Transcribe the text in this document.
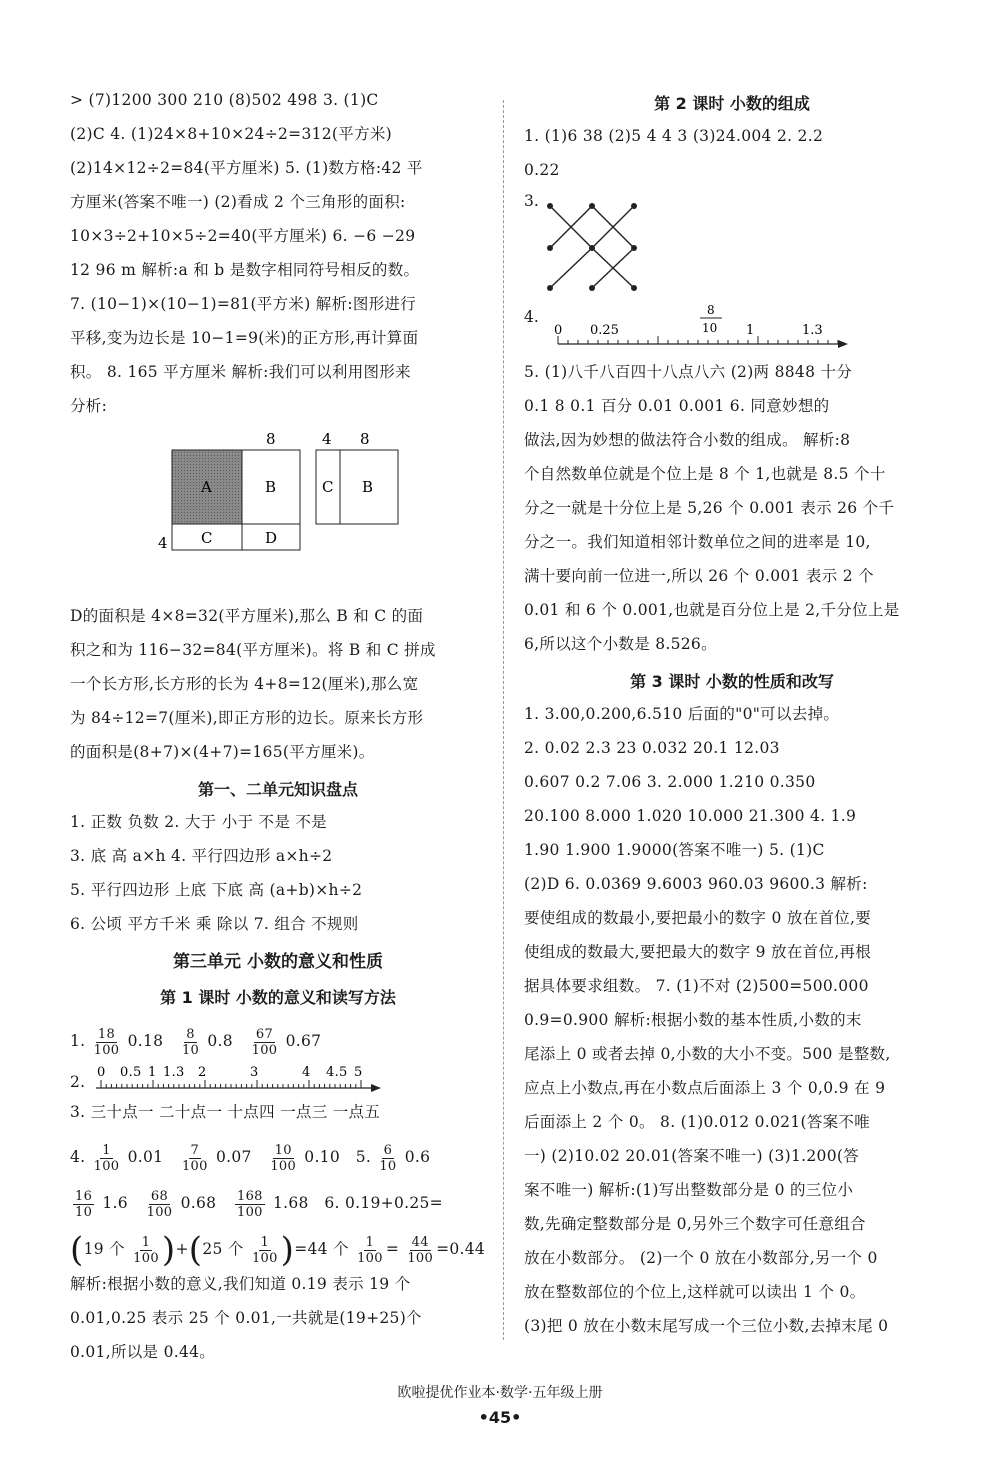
> (7)1200 300 210 (8)502 498 3. (1)C
(2)C 4. (1)24×8+10×24÷2=312(平方米)
(2)14×12÷2=84(平方厘米) 5. (1)数方格:42 平
方厘米(答案不唯一) (2)看成 2 个三角形的面积:
10×3÷2+10×5÷2=40(平方厘米) 6. −6 −29
12 96 m 解析:a 和 b 是数字相同符号相反的数。
7. (10−1)×(10−1)=81(平方米) 解析:图形进行
平移,变为边长是 10−1=9(米)的正方形,再计算面
积。 8. 165 平方厘米 解析:我们可以利用图形来
分析:
8	4 8
4
A	B
C	D
C B
D的面积是 4×8=32(平方厘米),那么 B 和 C 的面
积之和为 116−32=84(平方厘米)。将 B 和 C 拼成
一个长方形,长方形的长为 4+8=12(厘米),那么宽
为 84÷12=7(厘米),即正方形的边长。原来长方形
的面积是(8+7)×(4+7)=165(平方厘米)。
第一、二单元知识盘点
1. 正数 负数 2. 大于 小于 不是 不是
3. 底 高 a×h 4. 平行四边形 a×h÷2
5. 平行四边形 上底 下底 高 (a+b)×h÷2
6. 公顷 平方千米 乘 除以 7. 组合 不规则
第三单元 小数的意义和性质
第 1 课时 小数的意义和读写方法
1. $\frac{18}{100} 0.18 \frac{8}{10} 0.8 \frac{67}{100} 0.67$
2.
0 0.5 1 1.3 2	3	4 4.5 5
3. 三十点一 二十点一 十点四 一点三 一点五
4. $\frac{1}{100} 0.01 \frac{7}{100} 0.07 \frac{10}{100} 0.10$ 5. $\frac{6}{10} 0.6$
$\frac{16}{10} 1.6 \frac{68}{100} 0.68 \frac{168}{100} 1.68$ 6. 0.19+0.25=
(19 个 $\frac{1}{100} )+(25$ 个 $\frac{1}{100} )=44$ 个 $\frac{1}{100} = \frac{44}{100} =0.44$
解析:根据小数的意义,我们知道 0.19 表示 19 个
0.01,0.25 表示 25 个 0.01,一共就是(19+25)个
0.01,所以是 0.44。
第 2 课时 小数的组成
1. (1)6 38 (2)5 4 4 3 (3)24.004 2. 2.2
0.22
3.
4.
0 0.25
8
10 1	1.3
5. (1)八千八百四十八点八六 (2)两 8848 十分
0.1 8 0.1 百分 0.01 0.001 6. 同意妙想的
做法,因为妙想的做法符合小数的组成。 解析:8
个自然数单位就是个位上是 8 个 1,也就是 8.5 个十
分之一就是十分位上是 5,26 个 0.001 表示 26 个千
分之一。我们知道相邻计数单位之间的进率是 10,
满十要向前一位进一,所以 26 个 0.001 表示 2 个
0.01 和 6 个 0.001,也就是百分位上是 2,千分位上是
6,所以这个小数是 8.526。
第 3 课时 小数的性质和改写
1. 3.00,0.200,6.510 后面的"0"可以去掉。
2. 0.02 2.3 23 0.032 20.1 12.03
0.607 0.2 7.06 3. 2.000 1.210 0.350
20.100 8.000 1.020 10.000 21.300 4. 1.9
1.90 1.900 1.9000(答案不唯一) 5. (1)C
(2)D 6. 0.0369 9.6003 960.03 9600.3 解析:
要使组成的数最小,要把最小的数字 0 放在首位,要
使组成的数最大,要把最大的数字 9 放在首位,再根
据具体要求组数。 7. (1)不对 (2)500=500.000
0.9=0.900 解析:根据小数的基本性质,小数的末
尾添上 0 或者去掉 0,小数的大小不变。500 是整数,
应点上小数点,再在小数点后面添上 3 个 0,0.9 在 9
后面添上 2 个 0。 8. (1)0.012 0.021(答案不唯
一) (2)10.02 20.01(答案不唯一) (3)1.200(答
案不唯一) 解析:(1)写出整数部分是 0 的三位小
数,先确定整数部分是 0,另外三个数字可任意组合
放在小数部分。 (2)一个 0 放在小数部分,另一个 0
放在整数部位的个位上,这样就可以读出 1 个 0。
(3)把 0 放在小数末尾写成一个三位小数,去掉末尾 0
欧啦提优作业本·数学·五年级上册
•45•
